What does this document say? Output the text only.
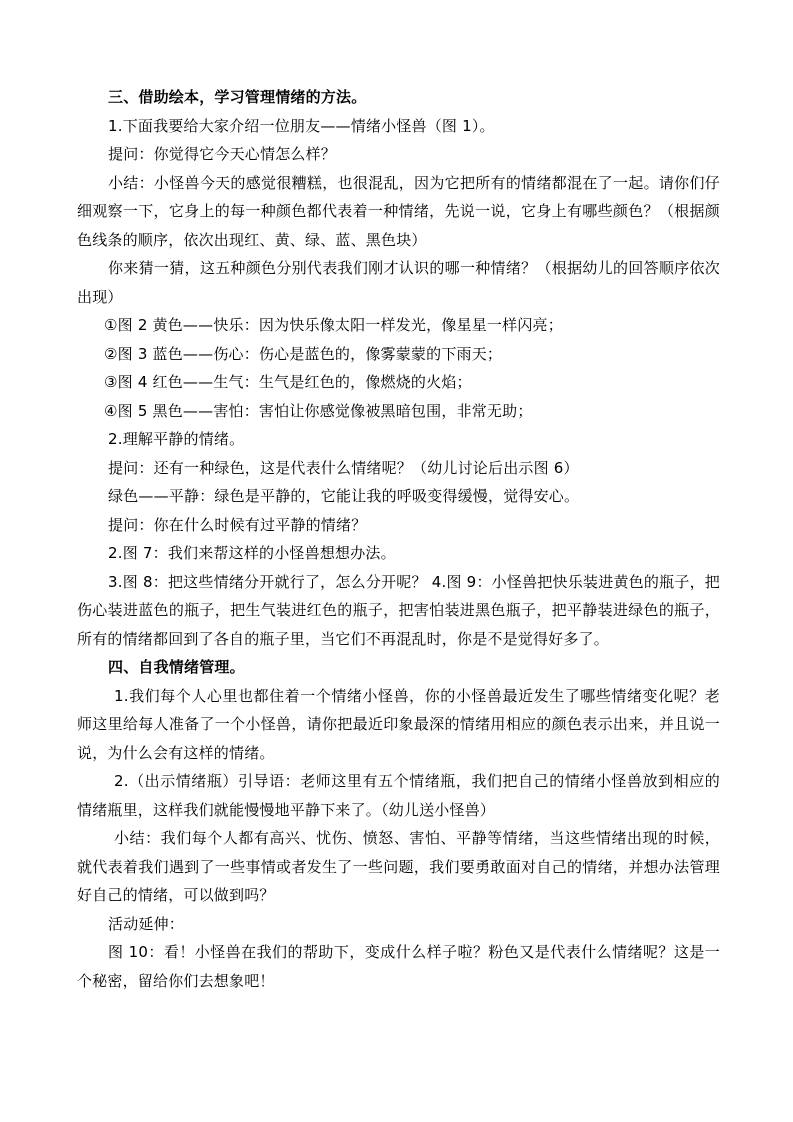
三、借助绘本，学习管理情绪的方法。

1.下面我要给大家介绍一位朋友——情绪小怪兽（图 1）。

提问：你觉得它今天心情怎么样？

小结：小怪兽今天的感觉很糟糕，也很混乱，因为它把所有的情绪都混在了一起。请你们仔细观察一下，它身上的每一种颜色都代表着一种情绪，先说一说，它身上有哪些颜色？（根据颜色线条的顺序，依次出现红、黄、绿、蓝、黑色块）

你来猜一猜，这五种颜色分别代表我们刚才认识的哪一种情绪？（根据幼儿的回答顺序依次出现）

①图 2 黄色——快乐：因为快乐像太阳一样发光，像星星一样闪亮；

②图 3 蓝色——伤心：伤心是蓝色的，像雾蒙蒙的下雨天；

③图 4 红色——生气：生气是红色的，像燃烧的火焰；

④图 5 黑色——害怕：害怕让你感觉像被黑暗包围，非常无助；

2.理解平静的情绪。

提问：还有一种绿色，这是代表什么情绪呢？（幼儿讨论后出示图 6）

绿色——平静：绿色是平静的，它能让我的呼吸变得缓慢，觉得安心。

提问：你在什么时候有过平静的情绪？

2.图 7：我们来帮这样的小怪兽想想办法。

3.图 8：把这些情绪分开就行了，怎么分开呢？ 4.图 9：小怪兽把快乐装进黄色的瓶子，把伤心装进蓝色的瓶子，把生气装进红色的瓶子，把害怕装进黑色瓶子，把平静装进绿色的瓶子，所有的情绪都回到了各自的瓶子里，当它们不再混乱时，你是不是觉得好多了。

四、自我情绪管理。

1.我们每个人心里也都住着一个情绪小怪兽，你的小怪兽最近发生了哪些情绪变化呢？老师这里给每人准备了一个小怪兽，请你把最近印象最深的情绪用相应的颜色表示出来，并且说一说，为什么会有这样的情绪。

2.（出示情绪瓶）引导语：老师这里有五个情绪瓶，我们把自己的情绪小怪兽放到相应的情绪瓶里，这样我们就能慢慢地平静下来了。（幼儿送小怪兽）

小结：我们每个人都有高兴、忧伤、愤怒、害怕、平静等情绪，当这些情绪出现的时候，就代表着我们遇到了一些事情或者发生了一些问题，我们要勇敢面对自己的情绪，并想办法管理好自己的情绪，可以做到吗？

活动延伸：

图 10：看！小怪兽在我们的帮助下，变成什么样子啦？粉色又是代表什么情绪呢？这是一个秘密，留给你们去想象吧！
